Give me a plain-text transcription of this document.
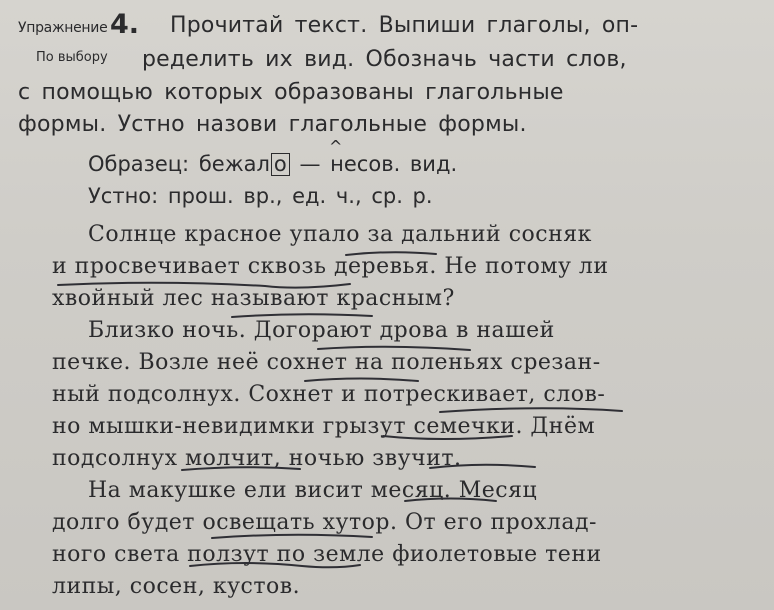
Упражнение 4.
По выбору
Прочитай текст. Выпиши глаголы, оп-
ределить их вид. Обозначь части слов,
с помощью которых образованы глагольные
формы. Устно назови глагольные формы.
^
Образец: бежал о — несов. вид.
Устно: прош. вр., ед. ч., ср. р.
Солнце красное упало за дальний сосняк
и просвечивает сквозь деревья. Не потому ли
хвойный лес называют красным?
Близко ночь. Догорают дрова в нашей
печке. Возле неё сохнет на поленьях срезан-
ный подсолнух. Сохнет и потрескивает, слов-
но мышки-невидимки грызут семечки. Днём
подсолнух молчит, ночью звучит.
На макушке ели висит месяц. Месяц
долго будет освещать хутор. От его прохлад-
ного света ползут по земле фиолетовые тени
липы, сосен, кустов.
